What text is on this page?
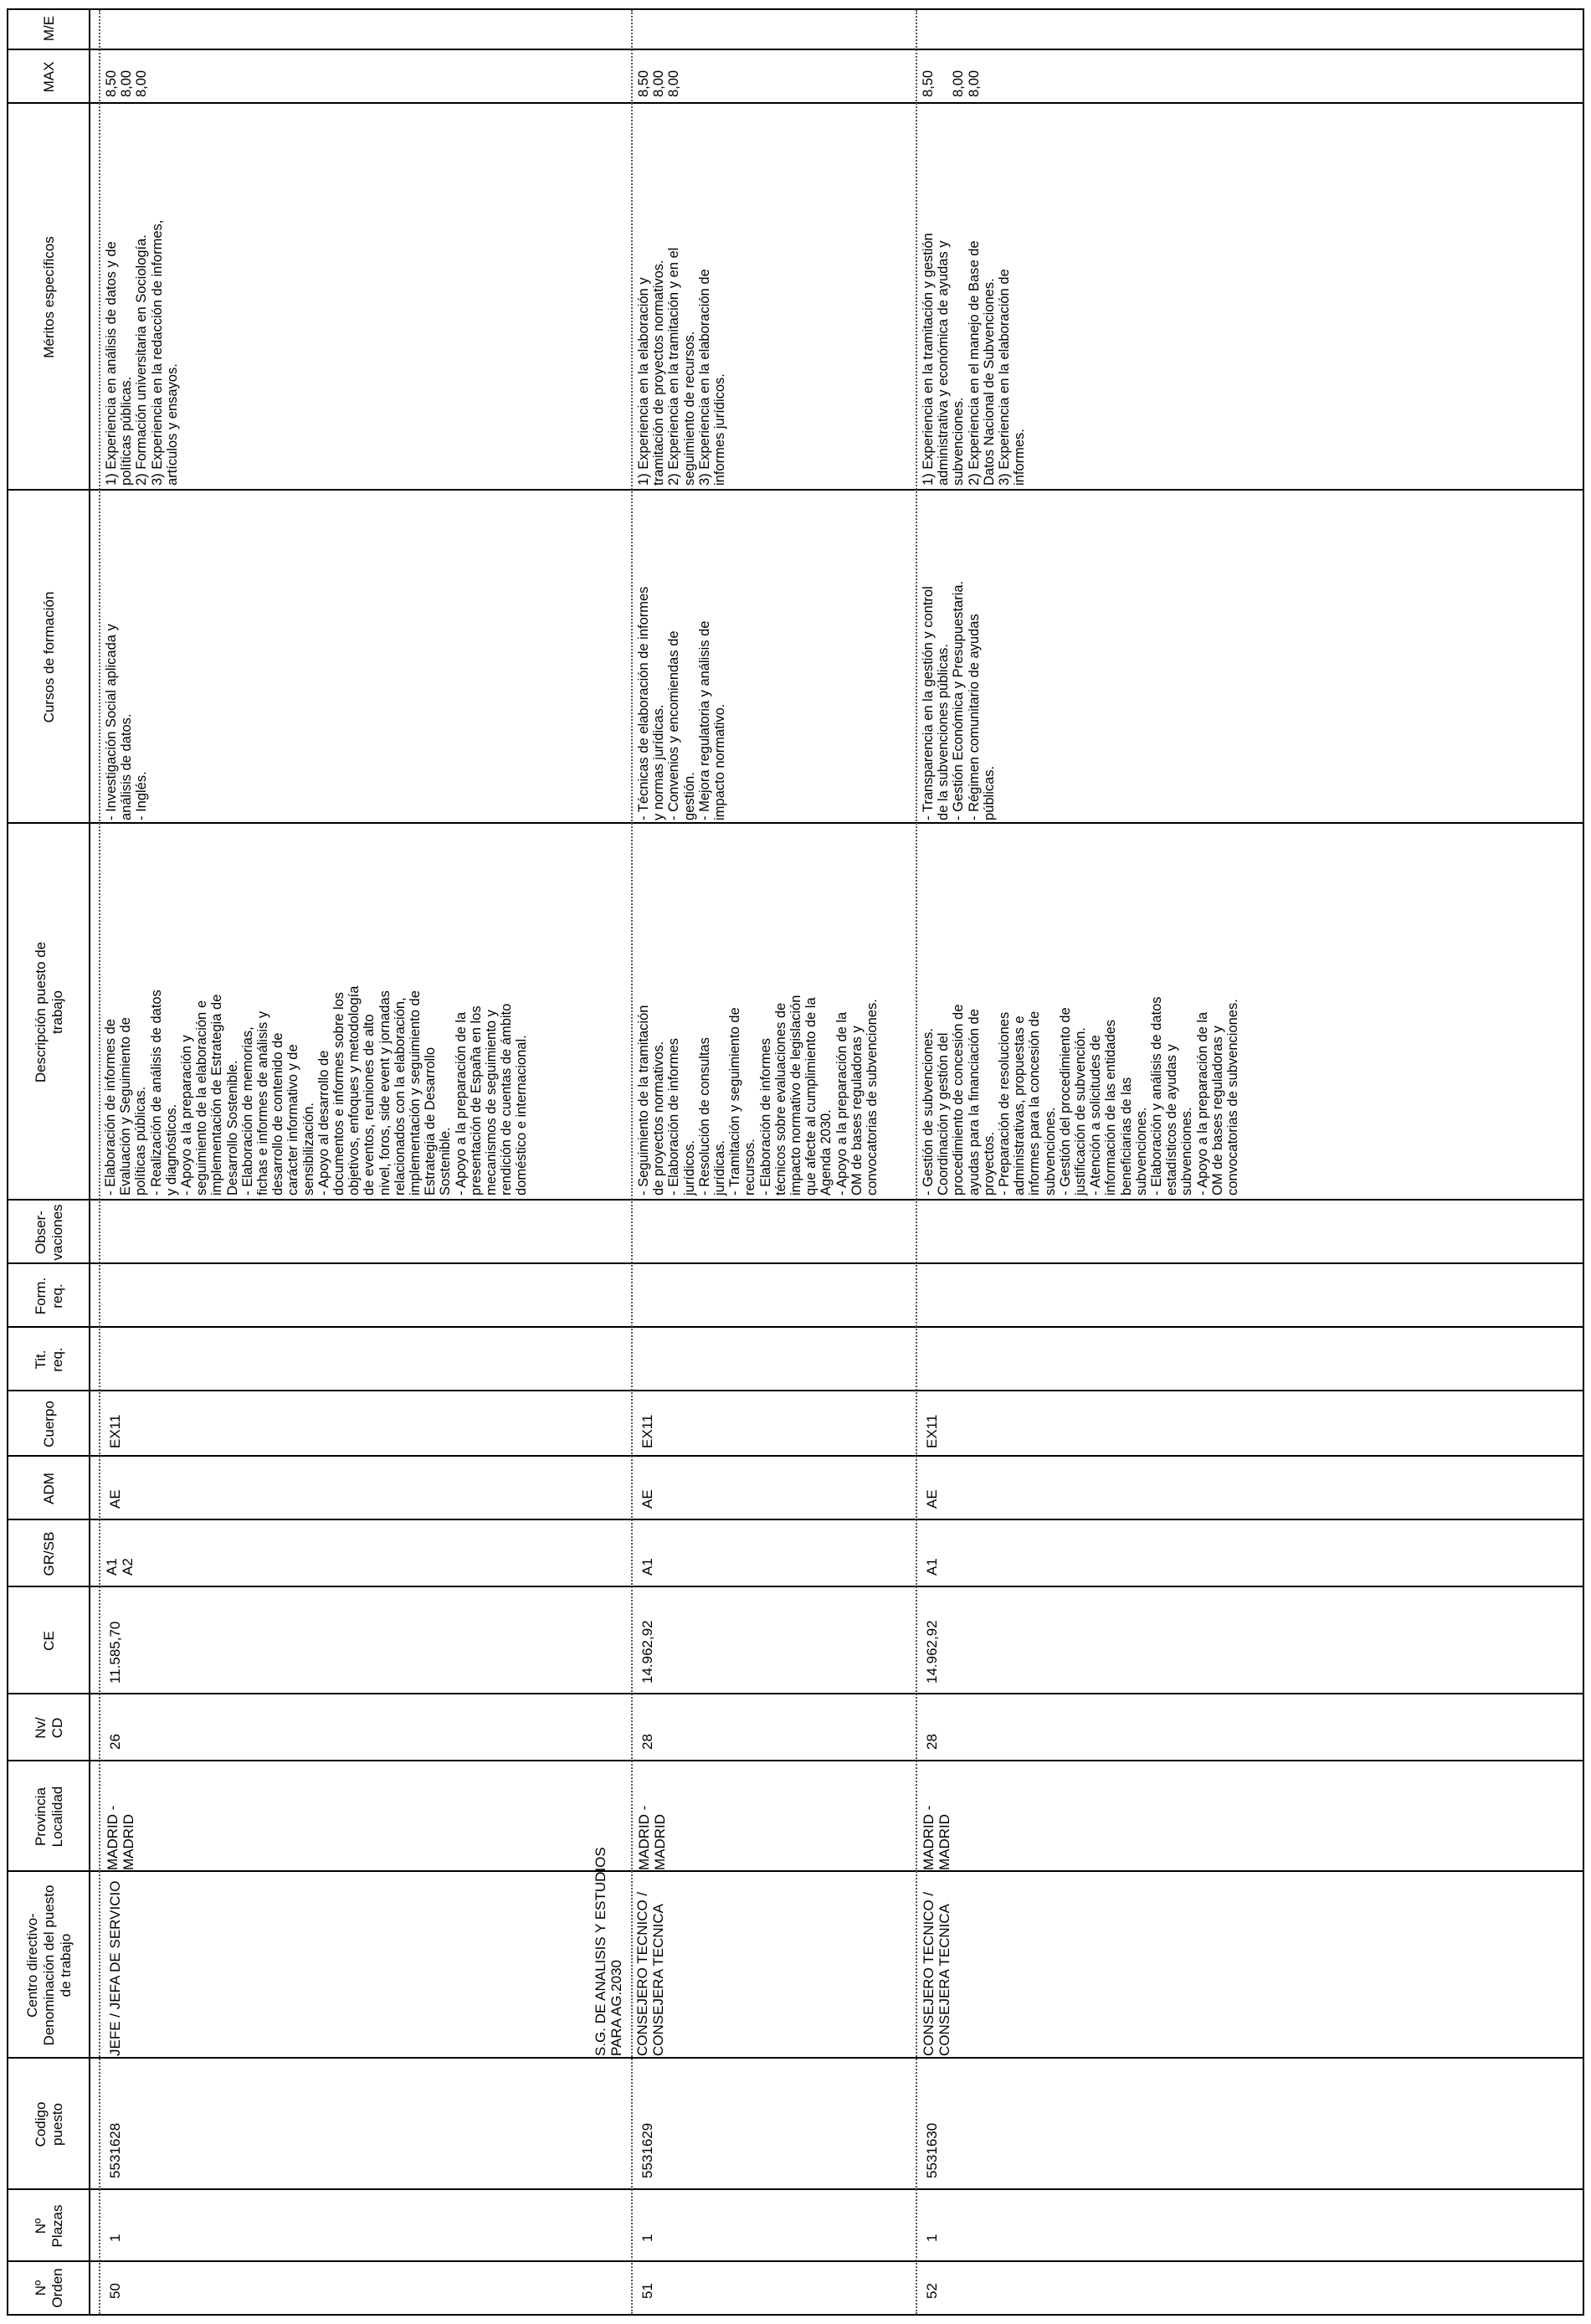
Nº
Orden
Nº
Plazas
Codigo
puesto
Centro directivo-
Denominación del puesto
de trabajo
Provincia
Localidad
Nv/
CD
CE
GR/SB
ADM
Cuerpo
Tit.
req.
Form.
req.
Obser-
vaciones
Descripción puesto de
trabajo
Cursos de formación
Méritos específicos
MAX
M/E
50
1
5531628
JEFE / JEFA DE SERVICIO
MADRID -
MADRID
26
11.585,70
A1
A2
AE
EX11
- Elaboración de informes de
Evaluación y Seguimiento de
políticas públicas.
- Realización de análisis de datos
y diagnósticos.
- Apoyo a la preparación y
seguimiento de la elaboración e
implementación de Estrategia de
Desarrollo Sostenible.
- Elaboración de memorias,
fichas e informes de análisis y
desarrollo de contenido de
carácter informativo y de
sensibilización.
- Apoyo al desarrollo de
documentos e informes sobre los
objetivos, enfoques y metodología
de eventos, reuniones de alto
nivel, foros, side event y jornadas
relacionados con la elaboración,
implementación y seguimiento de
Estrategia de Desarrollo
Sostenible.
- Apoyo a la preparación de la
presentación de España en los
mecanismos de seguimiento y
rendición de cuentas de ámbito
doméstico e internacional.
- Investigación Social aplicada y
análisis de datos.
- Inglés.
1) Experiencia en análisis de datos y de
políticas públicas.
2) Formación universitaria en Sociología.
3) Experiencia en la redacción de informes,
artículos y ensayos.
8,50
8,00
8,00
S.G. DE ANALISIS Y ESTUDIOS
PARA AG.2030
51
1
5531629
CONSEJERO TECNICO /
CONSEJERA TECNICA
MADRID -
MADRID
28
14.962,92
A1
AE
EX11
- Seguimiento de la tramitación
de proyectos normativos.
- Elaboración de informes
jurídicos.
- Resolución de consultas
jurídicas.
- Tramitación y seguimiento de
recursos.
- Elaboración de informes
técnicos sobre evaluaciones de
impacto normativo de legislación
que afecte al cumplimiento de la
Agenda 2030.
- Apoyo a la preparación de la
OM de bases reguladoras y
convocatorias de subvenciones.
- Técnicas de elaboración de informes
y normas jurídicas.
- Convenios y encomiendas de
gestión.
- Mejora regulatoria y análisis de
impacto normativo.
1) Experiencia en la elaboración y
tramitación de proyectos normativos.
2) Experiencia en la tramitación y en el
seguimiento de recursos.
3) Experiencia en la elaboración de
informes jurídicos.
8,50
8,00
8,00
52
1
5531630
CONSEJERO TECNICO /
CONSEJERA TECNICA
MADRID -
MADRID
28
14.962,92
A1
AE
EX11
- Gestión de subvenciones.
Coordinación y gestión del
procedimiento de concesión de
ayudas para la financiación de
proyectos.
- Preparación de resoluciones
administrativas, propuestas e
informes para la concesión de
subvenciones.
- Gestión del procedimiento de
justificación de subvención.
- Atención a solicitudes de
información de las entidades
beneficiarias de las
subvenciones.
- Elaboración y análisis de datos
estadísticos de ayudas y
subvenciones.
- Apoyo a la preparación de la
OM de bases reguladoras y
convocatorias de subvenciones.
- Transparencia en la gestión y control
de la subvenciones públicas.
- Gestión Económica y Presupuestaria.
- Régimen comunitario de ayudas
públicas.
1) Experiencia en la tramitación y gestión
administrativa y económica de ayudas y
subvenciones.
2) Experiencia en el manejo de Base de
Datos Nacional de Subvenciones.
3) Experiencia en la elaboración de
informes.
8,50

8,00
8,00
